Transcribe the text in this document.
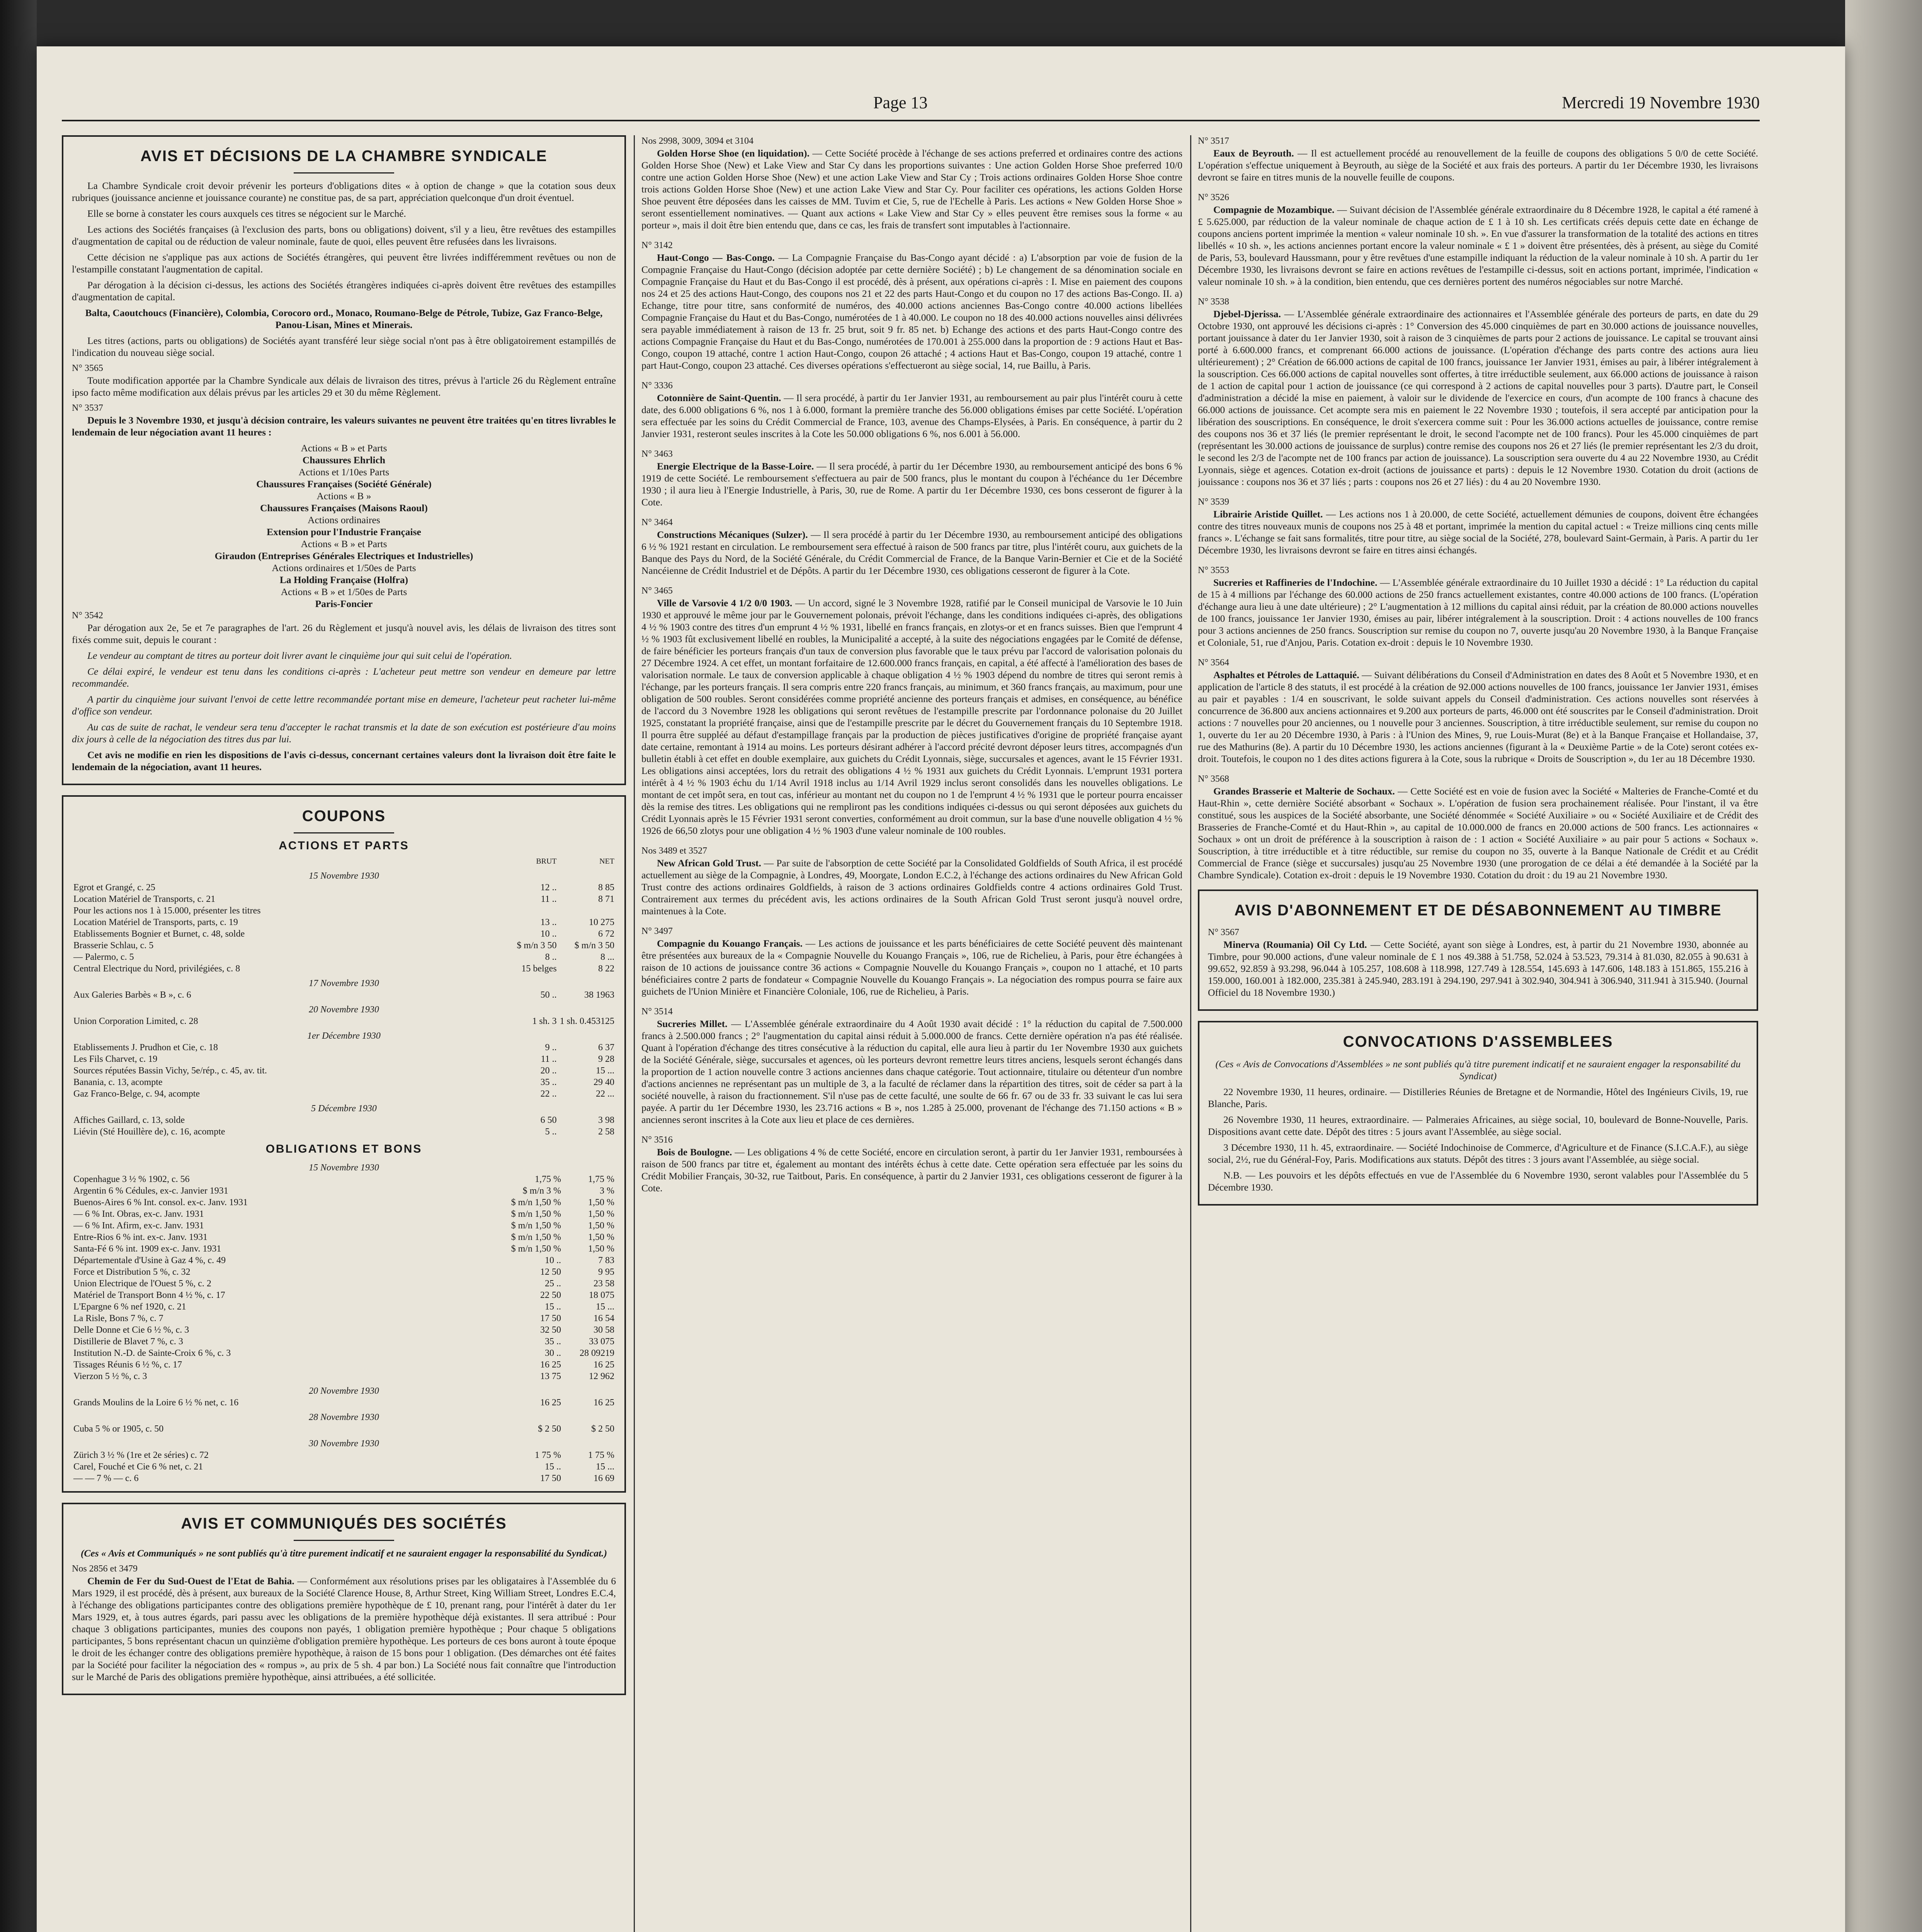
Page 13	Mercredi 19 Novembre 1930
AVIS ET DÉCISIONS DE LA CHAMBRE SYNDICALE

La Chambre Syndicale croit devoir prévenir les porteurs d'obligations dites « à option de change » que la cotation sous deux rubriques (jouissance ancienne et jouissance courante) ne constitue pas, de sa part, appréciation quelconque d'un droit éventuel.

Elle se borne à constater les cours auxquels ces titres se négocient sur le Marché.

Les actions des Sociétés françaises (à l'exclusion des parts, bons ou obligations) doivent, s'il y a lieu, être revêtues des estampilles d'augmentation de capital ou de réduction de valeur nominale, faute de quoi, elles peuvent être refusées dans les livraisons.

Cette décision ne s'applique pas aux actions de Sociétés étrangères, qui peuvent être livrées indifféremment revêtues ou non de l'estampille constatant l'augmentation de capital.

Par dérogation à la décision ci-dessus, les actions des Sociétés étrangères indiquées ci-après doivent être revêtues des estampilles d'augmentation de capital.

Balta, Caoutchoucs (Financière), Colombia, Corocoro ord., Monaco, Roumano-Belge de Pétrole, Tubize, Gaz Franco-Belge, Panou-Lisan, Mines et Minerais.

Les titres (actions, parts ou obligations) de Sociétés ayant transféré leur siège social n'ont pas à être obligatoirement estampillés de l'indication du nouveau siège social.

N° 3565

Toute modification apportée par la Chambre Syndicale aux délais de livraison des titres, prévus à l'article 26 du Règlement entraîne ipso facto même modification aux délais prévus par les articles 29 et 30 du même Règlement.

N° 3537

Depuis le 3 Novembre 1930, et jusqu'à décision contraire, les valeurs suivantes ne peuvent être traitées qu'en titres livrables le lendemain de leur négociation avant 11 heures :

Actions « B » et Parts
Chaussures Ehrlich
Actions et 1/10es Parts
Chaussures Françaises (Société Générale)
Actions « B »
Chaussures Françaises (Maisons Raoul)
Actions ordinaires
Extension pour l'Industrie Française
Actions « B » et Parts
Giraudon (Entreprises Générales Electriques et Industrielles)
Actions ordinaires et 1/50es de Parts
La Holding Française (Holfra)
Actions « B » et 1/50es de Parts
Paris-Foncier
N° 3542

Par dérogation aux 2e, 5e et 7e paragraphes de l'art. 26 du Règlement et jusqu'à nouvel avis, les délais de livraison des titres sont fixés comme suit, depuis le courant :

Le vendeur au comptant de titres au porteur doit livrer avant le cinquième jour qui suit celui de l'opération.

Ce délai expiré, le vendeur est tenu dans les conditions ci-après : L'acheteur peut mettre son vendeur en demeure par lettre recommandée.

A partir du cinquième jour suivant l'envoi de cette lettre recommandée portant mise en demeure, l'acheteur peut racheter lui-même d'office son vendeur.

Au cas de suite de rachat, le vendeur sera tenu d'accepter le rachat transmis et la date de son exécution est postérieure d'au moins dix jours à celle de la négociation des titres dus par lui.

Cet avis ne modifie en rien les dispositions de l'avis ci-dessus, concernant certaines valeurs dont la livraison doit être faite le lendemain de la négociation, avant 11 heures.

COUPONS
ACTIONS ET PARTS
	BRUT	NET
15 Novembre 1930		
Egrot et Grangé, c. 25	12 ..	8 85
Location Matériel de Transports, c. 21	11 ..	8 71
Pour les actions nos 1 à 15.000, présenter les titres		
Location Matériel de Transports, parts, c. 19	13 ..	10 275
Etablissements Bognier et Burnet, c. 48, solde	10 ..	6 72
Brasserie Schlau, c. 5	$ m/n 3 50	$ m/n 3 50
— Palermo, c. 5	8 ..	8 ...
Central Electrique du Nord, privilégiées, c. 8	15 belges	8 22
17 Novembre 1930		
Aux Galeries Barbès « B », c. 6	50 ..	38 1963
20 Novembre 1930		
Union Corporation Limited, c. 28	1 sh. 3	1 sh. 0.453125
1er Décembre 1930		
Etablissements J. Prudhon et Cie, c. 18	9 ..	6 37
Les Fils Charvet, c. 19	11 ..	9 28
Sources réputées Bassin Vichy, 5e/rép., c. 45, av. tit.	20 ..	15 ...
Banania, c. 13, acompte	35 ..	29 40
Gaz Franco-Belge, c. 94, acompte	22 ..	22 ...
5 Décembre 1930		
Affiches Gaillard, c. 13, solde	6 50	3 98
Liévin (Sté Houillère de), c. 16, acompte	5 ..	2 58
OBLIGATIONS ET BONS
15 Novembre 1930		
Copenhague 3 ½ % 1902, c. 56	1,75 %	1,75 %
Argentin 6 % Cédules, ex-c. Janvier 1931	$ m/n 3 %	3 %
Buenos-Aires 6 % Int. consol. ex-c. Janv. 1931	$ m/n 1,50 %	1,50 %
— 6 % Int. Obras, ex-c. Janv. 1931	$ m/n 1,50 %	1,50 %
— 6 % Int. Afirm, ex-c. Janv. 1931	$ m/n 1,50 %	1,50 %
Entre-Rios 6 % int. ex-c. Janv. 1931	$ m/n 1,50 %	1,50 %
Santa-Fé 6 % int. 1909 ex-c. Janv. 1931	$ m/n 1,50 %	1,50 %
Départementale d'Usine à Gaz 4 %, c. 49	10 ..	7 83
Force et Distribution 5 %, c. 32	12 50	9 95
Union Electrique de l'Ouest 5 %, c. 2	25 ..	23 58
Matériel de Transport Bonn 4 ½ %, c. 17	22 50	18 075
L'Epargne 6 % nef 1920, c. 21	15 ..	15 ...
La Risle, Bons 7 %, c. 7	17 50	16 54
Delle Donne et Cie 6 ½ %, c. 3	32 50	30 58
Distillerie de Blavet 7 %, c. 3	35 ..	33 075
Institution N.-D. de Sainte-Croix 6 %, c. 3	30 ..	28 09219
Tissages Réunis 6 ½ %, c. 17	16 25	16 25
Vierzon 5 ½ %, c. 3	13 75	12 962
20 Novembre 1930		
Grands Moulins de la Loire 6 ½ % net, c. 16	16 25	16 25
28 Novembre 1930		
Cuba 5 % or 1905, c. 50	$ 2 50	$ 2 50
30 Novembre 1930		
Zürich 3 ½ % (1re et 2e séries) c. 72	1 75 %	1 75 %
Carel, Fouché et Cie 6 % net, c. 21	15 ..	15 ...
— — 7 % — c. 6	17 50	16 69
AVIS ET COMMUNIQUÉS DES SOCIÉTÉS

(Ces « Avis et Communiqués » ne sont publiés qu'à titre purement indicatif et ne sauraient engager la responsabilité du Syndicat.)

Nos 2856 et 3479

Chemin de Fer du Sud-Ouest de l'Etat de Bahia. — Conformément aux résolutions prises par les obligataires à l'Assemblée du 6 Mars 1929, il est procédé, dès à présent, aux bureaux de la Société Clarence House, 8, Arthur Street, King William Street, Londres E.C.4, à l'échange des obligations participantes contre des obligations première hypothèque de £ 10, prenant rang, pour l'intérêt à dater du 1er Mars 1929, et, à tous autres égards, pari passu avec les obligations de la première hypothèque déjà existantes. Il sera attribué : Pour chaque 3 obligations participantes, munies des coupons non payés, 1 obligation première hypothèque ; Pour chaque 5 obligations participantes, 5 bons représentant chacun un quinzième d'obligation première hypothèque. Les porteurs de ces bons auront à toute époque le droit de les échanger contre des obligations première hypothèque, à raison de 15 bons pour 1 obligation. (Des démarches ont été faites par la Société pour faciliter la négociation des « rompus », au prix de 5 sh. 4 par bon.) La Société nous fait connaître que l'introduction sur le Marché de Paris des obligations première hypothèque, ainsi attribuées, a été sollicitée.

Nos 2998, 3009, 3094 et 3104

Golden Horse Shoe (en liquidation). — Cette Société procède à l'échange de ses actions preferred et ordinaires contre des actions Golden Horse Shoe (New) et Lake View and Star Cy dans les proportions suivantes : Une action Golden Horse Shoe preferred 10/0 contre une action Golden Horse Shoe (New) et une action Lake View and Star Cy ; Trois actions ordinaires Golden Horse Shoe contre trois actions Golden Horse Shoe (New) et une action Lake View and Star Cy. Pour faciliter ces opérations, les actions Golden Horse Shoe peuvent être déposées dans les caisses de MM. Tuvim et Cie, 5, rue de l'Echelle à Paris. Les actions « New Golden Horse Shoe » seront essentiellement nominatives. — Quant aux actions « Lake View and Star Cy » elles peuvent être remises sous la forme « au porteur », mais il doit être bien entendu que, dans ce cas, les frais de transfert sont imputables à l'actionnaire.

N° 3142

Haut-Congo — Bas-Congo. — La Compagnie Française du Bas-Congo ayant décidé : a) L'absorption par voie de fusion de la Compagnie Française du Haut-Congo (décision adoptée par cette dernière Société) ; b) Le changement de sa dénomination sociale en Compagnie Française du Haut et du Bas-Congo il est procédé, dès à présent, aux opérations ci-après : I. Mise en paiement des coupons nos 24 et 25 des actions Haut-Congo, des coupons nos 21 et 22 des parts Haut-Congo et du coupon no 17 des actions Bas-Congo. II. a) Echange, titre pour titre, sans conformité de numéros, des 40.000 actions anciennes Bas-Congo contre 40.000 actions libellées Compagnie Française du Haut et du Bas-Congo, numérotées de 1 à 40.000. Le coupon no 18 des 40.000 actions nouvelles ainsi délivrées sera payable immédiatement à raison de 13 fr. 25 brut, soit 9 fr. 85 net. b) Echange des actions et des parts Haut-Congo contre des actions Compagnie Française du Haut et du Bas-Congo, numérotées de 170.001 à 255.000 dans la proportion de : 9 actions Haut et Bas-Congo, coupon 19 attaché, contre 1 action Haut-Congo, coupon 26 attaché ; 4 actions Haut et Bas-Congo, coupon 19 attaché, contre 1 part Haut-Congo, coupon 23 attaché. Ces diverses opérations s'effectueront au siège social, 14, rue Baillu, à Paris.

N° 3336

Cotonnière de Saint-Quentin. — Il sera procédé, à partir du 1er Janvier 1931, au remboursement au pair plus l'intérêt couru à cette date, des 6.000 obligations 6 %, nos 1 à 6.000, formant la première tranche des 56.000 obligations émises par cette Société. L'opération sera effectuée par les soins du Crédit Commercial de France, 103, avenue des Champs-Elysées, à Paris. En conséquence, à partir du 2 Janvier 1931, resteront seules inscrites à la Cote les 50.000 obligations 6 %, nos 6.001 à 56.000.

N° 3463

Energie Electrique de la Basse-Loire. — Il sera procédé, à partir du 1er Décembre 1930, au remboursement anticipé des bons 6 % 1919 de cette Société. Le remboursement s'effectuera au pair de 500 francs, plus le montant du coupon à l'échéance du 1er Décembre 1930 ; il aura lieu à l'Energie Industrielle, à Paris, 30, rue de Rome. A partir du 1er Décembre 1930, ces bons cesseront de figurer à la Cote.

N° 3464

Constructions Mécaniques (Sulzer). — Il sera procédé à partir du 1er Décembre 1930, au remboursement anticipé des obligations 6 ½ % 1921 restant en circulation. Le remboursement sera effectué à raison de 500 francs par titre, plus l'intérêt couru, aux guichets de la Banque des Pays du Nord, de la Société Générale, du Crédit Commercial de France, de la Banque Varin-Bernier et Cie et de la Société Nancéienne de Crédit Industriel et de Dépôts. A partir du 1er Décembre 1930, ces obligations cesseront de figurer à la Cote.

N° 3465

Ville de Varsovie 4 1/2 0/0 1903. — Un accord, signé le 3 Novembre 1928, ratifié par le Conseil municipal de Varsovie le 10 Juin 1930 et approuvé le même jour par le Gouvernement polonais, prévoit l'échange, dans les conditions indiquées ci-après, des obligations 4 ½ % 1903 contre des titres d'un emprunt 4 ½ % 1931, libellé en francs français, en zlotys-or et en francs suisses. Bien que l'emprunt 4 ½ % 1903 fût exclusivement libellé en roubles, la Municipalité a accepté, à la suite des négociations engagées par le Comité de défense, de faire bénéficier les porteurs français d'un taux de conversion plus favorable que le taux prévu par l'accord de valorisation polonais du 27 Décembre 1924. A cet effet, un montant forfaitaire de 12.600.000 francs français, en capital, a été affecté à l'amélioration des bases de valorisation normale. Le taux de conversion applicable à chaque obligation 4 ½ % 1903 dépend du nombre de titres qui seront remis à l'échange, par les porteurs français. Il sera compris entre 220 francs français, au minimum, et 360 francs français, au maximum, pour une obligation de 500 roubles. Seront considérées comme propriété ancienne des porteurs français et admises, en conséquence, au bénéfice de l'accord du 3 Novembre 1928 les obligations qui seront revêtues de l'estampille prescrite par l'ordonnance polonaise du 20 Juillet 1925, constatant la propriété française, ainsi que de l'estampille prescrite par le décret du Gouvernement français du 10 Septembre 1918. Il pourra être suppléé au défaut d'estampillage français par la production de pièces justificatives d'origine de propriété française ayant date certaine, remontant à 1914 au moins. Les porteurs désirant adhérer à l'accord précité devront déposer leurs titres, accompagnés d'un bulletin établi à cet effet en double exemplaire, aux guichets du Crédit Lyonnais, siège, succursales et agences, avant le 15 Février 1931. Les obligations ainsi acceptées, lors du retrait des obligations 4 ½ % 1931 aux guichets du Crédit Lyonnais. L'emprunt 1931 portera intérêt à 4 ½ % 1903 échu du 1/14 Avril 1918 inclus au 1/14 Avril 1929 inclus seront consolidés dans les nouvelles obligations. Le montant de cet impôt sera, en tout cas, inférieur au montant net du coupon no 1 de l'emprunt 4 ½ % 1931 que le porteur pourra encaisser dès la remise des titres. Les obligations qui ne rempliront pas les conditions indiquées ci-dessus ou qui seront déposées aux guichets du Crédit Lyonnais après le 15 Février 1931 seront converties, conformément au droit commun, sur la base d'une nouvelle obligation 4 ½ % 1926 de 66,50 zlotys pour une obligation 4 ½ % 1903 d'une valeur nominale de 100 roubles.

Nos 3489 et 3527

New African Gold Trust. — Par suite de l'absorption de cette Société par la Consolidated Goldfields of South Africa, il est procédé actuellement au siège de la Compagnie, à Londres, 49, Moorgate, London E.C.2, à l'échange des actions ordinaires du New African Gold Trust contre des actions ordinaires Goldfields, à raison de 3 actions ordinaires Goldfields contre 4 actions ordinaires Gold Trust. Contrairement aux termes du précédent avis, les actions ordinaires de la South African Gold Trust seront jusqu'à nouvel ordre, maintenues à la Cote.

N° 3497

Compagnie du Kouango Français. — Les actions de jouissance et les parts bénéficiaires de cette Société peuvent dès maintenant être présentées aux bureaux de la « Compagnie Nouvelle du Kouango Français », 106, rue de Richelieu, à Paris, pour être échangées à raison de 10 actions de jouissance contre 36 actions « Compagnie Nouvelle du Kouango Français », coupon no 1 attaché, et 10 parts bénéficiaires contre 2 parts de fondateur « Compagnie Nouvelle du Kouango Français ». La négociation des rompus pourra se faire aux guichets de l'Union Minière et Financière Coloniale, 106, rue de Richelieu, à Paris.

N° 3514

Sucreries Millet. — L'Assemblée générale extraordinaire du 4 Août 1930 avait décidé : 1° la réduction du capital de 7.500.000 francs à 2.500.000 francs ; 2° l'augmentation du capital ainsi réduit à 5.000.000 de francs. Cette dernière opération n'a pas été réalisée. Quant à l'opération d'échange des titres consécutive à la réduction du capital, elle aura lieu à partir du 1er Novembre 1930 aux guichets de la Société Générale, siège, succursales et agences, où les porteurs devront remettre leurs titres anciens, lesquels seront échangés dans la proportion de 1 action nouvelle contre 3 actions anciennes dans chaque catégorie. Tout actionnaire, titulaire ou détenteur d'un nombre d'actions anciennes ne représentant pas un multiple de 3, a la faculté de réclamer dans la répartition des titres, soit de céder sa part à la société nouvelle, à raison du fractionnement. S'il n'use pas de cette faculté, une soulte de 66 fr. 67 ou de 33 fr. 33 suivant le cas lui sera payée. A partir du 1er Décembre 1930, les 23.716 actions « B », nos 1.285 à 25.000, provenant de l'échange des 71.150 actions « B » anciennes seront inscrites à la Cote aux lieu et place de ces dernières.

N° 3516

Bois de Boulogne. — Les obligations 4 % de cette Société, encore en circulation seront, à partir du 1er Janvier 1931, remboursées à raison de 500 francs par titre et, également au montant des intérêts échus à cette date. Cette opération sera effectuée par les soins du Crédit Mobilier Français, 30-32, rue Taitbout, Paris. En conséquence, à partir du 2 Janvier 1931, ces obligations cesseront de figurer à la Cote.

N° 3517

Eaux de Beyrouth. — Il est actuellement procédé au renouvellement de la feuille de coupons des obligations 5 0/0 de cette Société. L'opération s'effectue uniquement à Beyrouth, au siège de la Société et aux frais des porteurs. A partir du 1er Décembre 1930, les livraisons devront se faire en titres munis de la nouvelle feuille de coupons.

N° 3526

Compagnie de Mozambique. — Suivant décision de l'Assemblée générale extraordinaire du 8 Décembre 1928, le capital a été ramené à £ 5.625.000, par réduction de la valeur nominale de chaque action de £ 1 à 10 sh. Les certificats créés depuis cette date en échange de coupons anciens portent imprimée la mention « valeur nominale 10 sh. ». En vue d'assurer la transformation de la totalité des actions en titres libellés « 10 sh. », les actions anciennes portant encore la valeur nominale « £ 1 » doivent être présentées, dès à présent, au siège du Comité de Paris, 53, boulevard Haussmann, pour y être revêtues d'une estampille indiquant la réduction de la valeur nominale à 10 sh. A partir du 1er Décembre 1930, les livraisons devront se faire en actions revêtues de l'estampille ci-dessus, soit en actions portant, imprimée, l'indication « valeur nominale 10 sh. » à la condition, bien entendu, que ces dernières portent des numéros négociables sur notre Marché.

N° 3538

Djebel-Djerissa. — L'Assemblée générale extraordinaire des actionnaires et l'Assemblée générale des porteurs de parts, en date du 29 Octobre 1930, ont approuvé les décisions ci-après : 1° Conversion des 45.000 cinquièmes de part en 30.000 actions de jouissance nouvelles, portant jouissance à dater du 1er Janvier 1930, soit à raison de 3 cinquièmes de parts pour 2 actions de jouissance. Le capital se trouvant ainsi porté à 6.600.000 francs, et comprenant 66.000 actions de jouissance. (L'opération d'échange des parts contre des actions aura lieu ultérieurement) ; 2° Création de 66.000 actions de capital de 100 francs, jouissance 1er Janvier 1931, émises au pair, à libérer intégralement à la souscription. Ces 66.000 actions de capital nouvelles sont offertes, à titre irréductible seulement, aux 66.000 actions de jouissance à raison de 1 action de capital pour 1 action de jouissance (ce qui correspond à 2 actions de capital nouvelles pour 3 parts). D'autre part, le Conseil d'administration a décidé la mise en paiement, à valoir sur le dividende de l'exercice en cours, d'un acompte de 100 francs à chacune des 66.000 actions de jouissance. Cet acompte sera mis en paiement le 22 Novembre 1930 ; toutefois, il sera accepté par anticipation pour la libération des souscriptions. En conséquence, le droit s'exercera comme suit : Pour les 36.000 actions actuelles de jouissance, contre remise des coupons nos 36 et 37 liés (le premier représentant le droit, le second l'acompte net de 100 francs). Pour les 45.000 cinquièmes de part (représentant les 30.000 actions de jouissance de surplus) contre remise des coupons nos 26 et 27 liés (le premier représentant les 2/3 du droit, le second les 2/3 de l'acompte net de 100 francs par action de jouissance). La souscription sera ouverte du 4 au 22 Novembre 1930, au Crédit Lyonnais, siège et agences. Cotation ex-droit (actions de jouissance et parts) : depuis le 12 Novembre 1930. Cotation du droit (actions de jouissance : coupons nos 36 et 37 liés ; parts : coupons nos 26 et 27 liés) : du 4 au 20 Novembre 1930.

N° 3539

Librairie Aristide Quillet. — Les actions nos 1 à 20.000, de cette Société, actuellement démunies de coupons, doivent être échangées contre des titres nouveaux munis de coupons nos 25 à 48 et portant, imprimée la mention du capital actuel : « Treize millions cinq cents mille francs ». L'échange se fait sans formalités, titre pour titre, au siège social de la Société, 278, boulevard Saint-Germain, à Paris. A partir du 1er Décembre 1930, les livraisons devront se faire en titres ainsi échangés.

N° 3553

Sucreries et Raffineries de l'Indochine. — L'Assemblée générale extraordinaire du 10 Juillet 1930 a décidé : 1° La réduction du capital de 15 à 4 millions par l'échange des 60.000 actions de 250 francs actuellement existantes, contre 40.000 actions de 100 francs. (L'opération d'échange aura lieu à une date ultérieure) ; 2° L'augmentation à 12 millions du capital ainsi réduit, par la création de 80.000 actions nouvelles de 100 francs, jouissance 1er Janvier 1930, émises au pair, libérer intégralement à la souscription. Droit : 4 actions nouvelles de 100 francs pour 3 actions anciennes de 250 francs. Souscription sur remise du coupon no 7, ouverte jusqu'au 20 Novembre 1930, à la Banque Française et Coloniale, 51, rue d'Anjou, Paris. Cotation ex-droit : depuis le 10 Novembre 1930.

N° 3564

Asphaltes et Pétroles de Lattaquié. — Suivant délibérations du Conseil d'Administration en dates des 8 Août et 5 Novembre 1930, et en application de l'article 8 des statuts, il est procédé à la création de 92.000 actions nouvelles de 100 francs, jouissance 1er Janvier 1931, émises au pair et payables : 1/4 en souscrivant, le solde suivant appels du Conseil d'administration. Ces actions nouvelles sont réservées à concurrence de 36.800 aux anciens actionnaires et 9.200 aux porteurs de parts, 46.000 ont été souscrites par le Conseil d'administration. Droit actions : 7 nouvelles pour 20 anciennes, ou 1 nouvelle pour 3 anciennes. Souscription, à titre irréductible seulement, sur remise du coupon no 1, ouverte du 1er au 20 Décembre 1930, à Paris : à l'Union des Mines, 9, rue Louis-Murat (8e) et à la Banque Française et Hollandaise, 37, rue des Mathurins (8e). A partir du 10 Décembre 1930, les actions anciennes (figurant à la « Deuxième Partie » de la Cote) seront cotées ex-droit. Toutefois, le coupon no 1 des dites actions figurera à la Cote, sous la rubrique « Droits de Souscription », du 1er au 18 Décembre 1930.

N° 3568

Grandes Brasserie et Malterie de Sochaux. — Cette Société est en voie de fusion avec la Société « Malteries de Franche-Comté et du Haut-Rhin », cette dernière Société absorbant « Sochaux ». L'opération de fusion sera prochainement réalisée. Pour l'instant, il va être constitué, sous les auspices de la Société absorbante, une Société dénommée « Société Auxiliaire » ou « Société Auxiliaire et de Crédit des Brasseries de Franche-Comté et du Haut-Rhin », au capital de 10.000.000 de francs en 20.000 actions de 500 francs. Les actionnaires « Sochaux » ont un droit de préférence à la souscription à raison de : 1 action « Société Auxiliaire » au pair pour 5 actions « Sochaux ». Souscription, à titre irréductible et à titre réductible, sur remise du coupon no 35, ouverte à la Banque Nationale de Crédit et au Crédit Commercial de France (siège et succursales) jusqu'au 25 Novembre 1930 (une prorogation de ce délai a été demandée à la Société par la Chambre Syndicale). Cotation ex-droit : depuis le 19 Novembre 1930. Cotation du droit : du 19 au 21 Novembre 1930.

AVIS D'ABONNEMENT ET DE DÉSABONNEMENT AU TIMBRE
N° 3567

Minerva (Roumania) Oil Cy Ltd. — Cette Société, ayant son siège à Londres, est, à partir du 21 Novembre 1930, abonnée au Timbre, pour 90.000 actions, d'une valeur nominale de £ 1 nos 49.388 à 51.758, 52.024 à 53.523, 79.314 à 81.030, 82.055 à 90.631 à 99.652, 92.859 à 93.298, 96.044 à 105.257, 108.608 à 118.998, 127.749 à 128.554, 145.693 à 147.606, 148.183 à 151.865, 155.216 à 159.000, 160.001 à 182.000, 235.381 à 245.940, 283.191 à 294.190, 297.941 à 302.940, 304.941 à 306.940, 311.941 à 315.940. (Journal Officiel du 18 Novembre 1930.)

CONVOCATIONS D'ASSEMBLEES

(Ces « Avis de Convocations d'Assemblées » ne sont publiés qu'à titre purement indicatif et ne sauraient engager la responsabilité du Syndicat)

22 Novembre 1930, 11 heures, ordinaire. — Distilleries Réunies de Bretagne et de Normandie, Hôtel des Ingénieurs Civils, 19, rue Blanche, Paris.

26 Novembre 1930, 11 heures, extraordinaire. — Palmeraies Africaines, au siège social, 10, boulevard de Bonne-Nouvelle, Paris. Dispositions avant cette date. Dépôt des titres : 5 jours avant l'Assemblée, au siège social.

3 Décembre 1930, 11 h. 45, extraordinaire. — Société Indochinoise de Commerce, d'Agriculture et de Finance (S.I.C.A.F.), au siège social, 2½, rue du Général-Foy, Paris. Modifications aux statuts. Dépôt des titres : 3 jours avant l'Assemblée, au siège social.

N.B. — Les pouvoirs et les dépôts effectués en vue de l'Assemblée du 6 Novembre 1930, seront valables pour l'Assemblée du 5 Décembre 1930.
